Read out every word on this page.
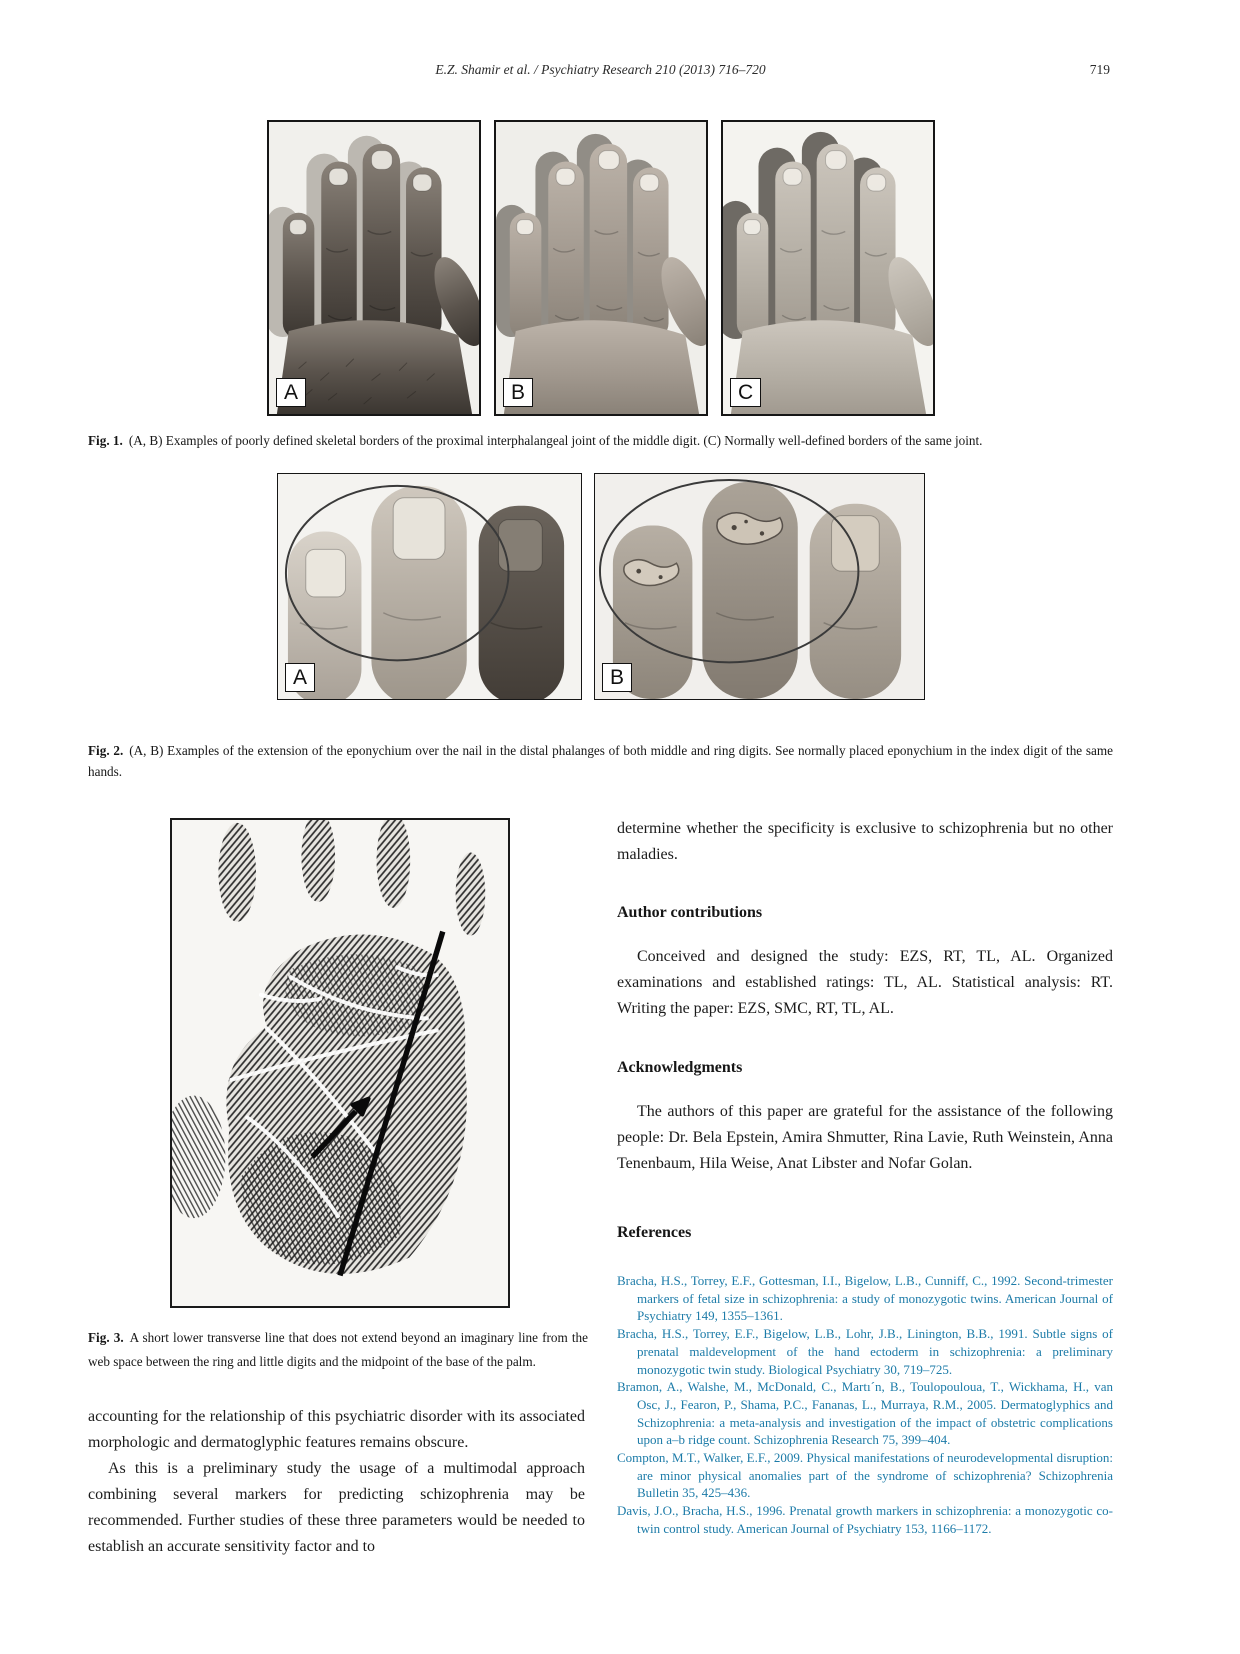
E.Z. Shamir et al. / Psychiatry Research 210 (2013) 716–720	719
A	B	C
Fig. 1. (A, B) Examples of poorly defined skeletal borders of the proximal interphalangeal joint of the middle digit. (C) Normally well-defined borders of the same joint.
A	B
Fig. 2. (A, B) Examples of the extension of the eponychium over the nail in the distal phalanges of both middle and ring digits. See normally placed eponychium in the index digit of the same hands.
Fig. 3. A short lower transverse line that does not extend beyond an imaginary line from the web space between the ring and little digits and the midpoint of the base of the palm.

accounting for the relationship of this psychiatric disorder with its associated morphologic and dermatoglyphic features remains obscure.

As this is a preliminary study the usage of a multimodal approach combining several markers for predicting schizophrenia may be recommended. Further studies of these three parameters would be needed to establish an accurate sensitivity factor and to

determine whether the specificity is exclusive to schizophrenia but no other maladies.
Author contributions
Conceived and designed the study: EZS, RT, TL, AL. Organized examinations and established ratings: TL, AL. Statistical analysis: RT. Writing the paper: EZS, SMC, RT, TL, AL.
Acknowledgments
The authors of this paper are grateful for the assistance of the following people: Dr. Bela Epstein, Amira Shmutter, Rina Lavie, Ruth Weinstein, Anna Tenenbaum, Hila Weise, Anat Libster and Nofar Golan.
References
Bracha, H.S., Torrey, E.F., Gottesman, I.I., Bigelow, L.B., Cunniff, C., 1992. Second-trimester markers of fetal size in schizophrenia: a study of monozygotic twins. American Journal of Psychiatry 149, 1355–1361.
Bracha, H.S., Torrey, E.F., Bigelow, L.B., Lohr, J.B., Linington, B.B., 1991. Subtle signs of prenatal maldevelopment of the hand ectoderm in schizophrenia: a preliminary monozygotic twin study. Biological Psychiatry 30, 719–725.
Bramon, A., Walshe, M., McDonald, C., Martı´n, B., Toulopouloua, T., Wickhama, H., van Osc, J., Fearon, P., Shama, P.C., Fananas, L., Murraya, R.M., 2005. Dermatoglyphics and Schizophrenia: a meta-analysis and investigation of the impact of obstetric complications upon a–b ridge count. Schizophrenia Research 75, 399–404.
Compton, M.T., Walker, E.F., 2009. Physical manifestations of neurodevelopmental disruption: are minor physical anomalies part of the syndrome of schizophrenia? Schizophrenia Bulletin 35, 425–436.
Davis, J.O., Bracha, H.S., 1996. Prenatal growth markers in schizophrenia: a monozygotic co-twin control study. American Journal of Psychiatry 153, 1166–1172.
